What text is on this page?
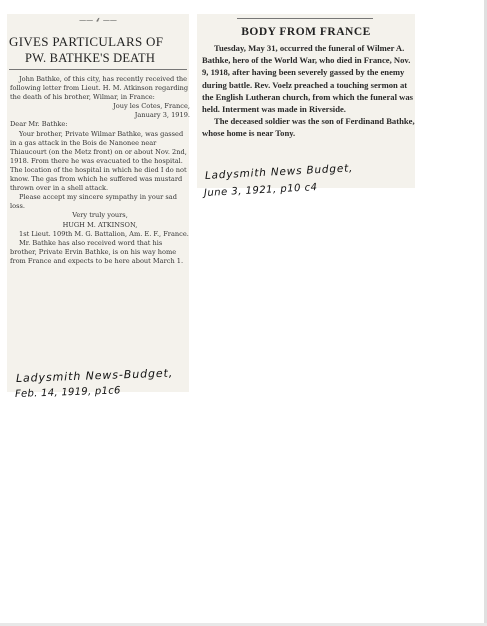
—— ⸙ ——
GIVES PARTICULARS OF
PW. BATHKE'S DEATH

John Bathke, of this city, has recently received the following letter from Lieut. H. M. Atkinson regarding the death of his brother, Wilmar, in France:

Jouy les Cotes, France,

January 3, 1919.

Dear Mr. Bathke:

Your brother, Private Wilmar Bathke, was gassed in a gas attack in the Bois de Nanonee near Thiaucourt (on the Metz front) on or about Nov. 2nd, 1918. From there he was evacuated to the hospital. The location of the hospital in which he died I do not know. The gas from which he suffered was mustard thrown over in a shell attack.

Please accept my sincere sympathy in your sad loss.

Very truly yours,

HUGH M. ATKINSON,

1st Lieut. 109th M. G. Battalion, Am. E. F., France.

Mr. Bathke has also received word that his brother, Private Ervin Bathke, is on his way home from France and expects to be here about March 1.

BODY FROM FRANCE

Tuesday, May 31, occurred the funeral of Wilmer A. Bathke, hero of the World War, who died in France, Nov. 9, 1918, after having been severely gassed by the enemy during battle. Rev. Voelz preached a touching sermon at the English Lutheran church, from which the funeral was held. Interment was made in Riverside.

The deceased soldier was the son of Ferdinand Bathke, whose home is near Tony.

Ladysmith News Budget,
June 3, 1921, p10 c4
Ladysmith News-Budget,
Feb. 14, 1919, p1c6
